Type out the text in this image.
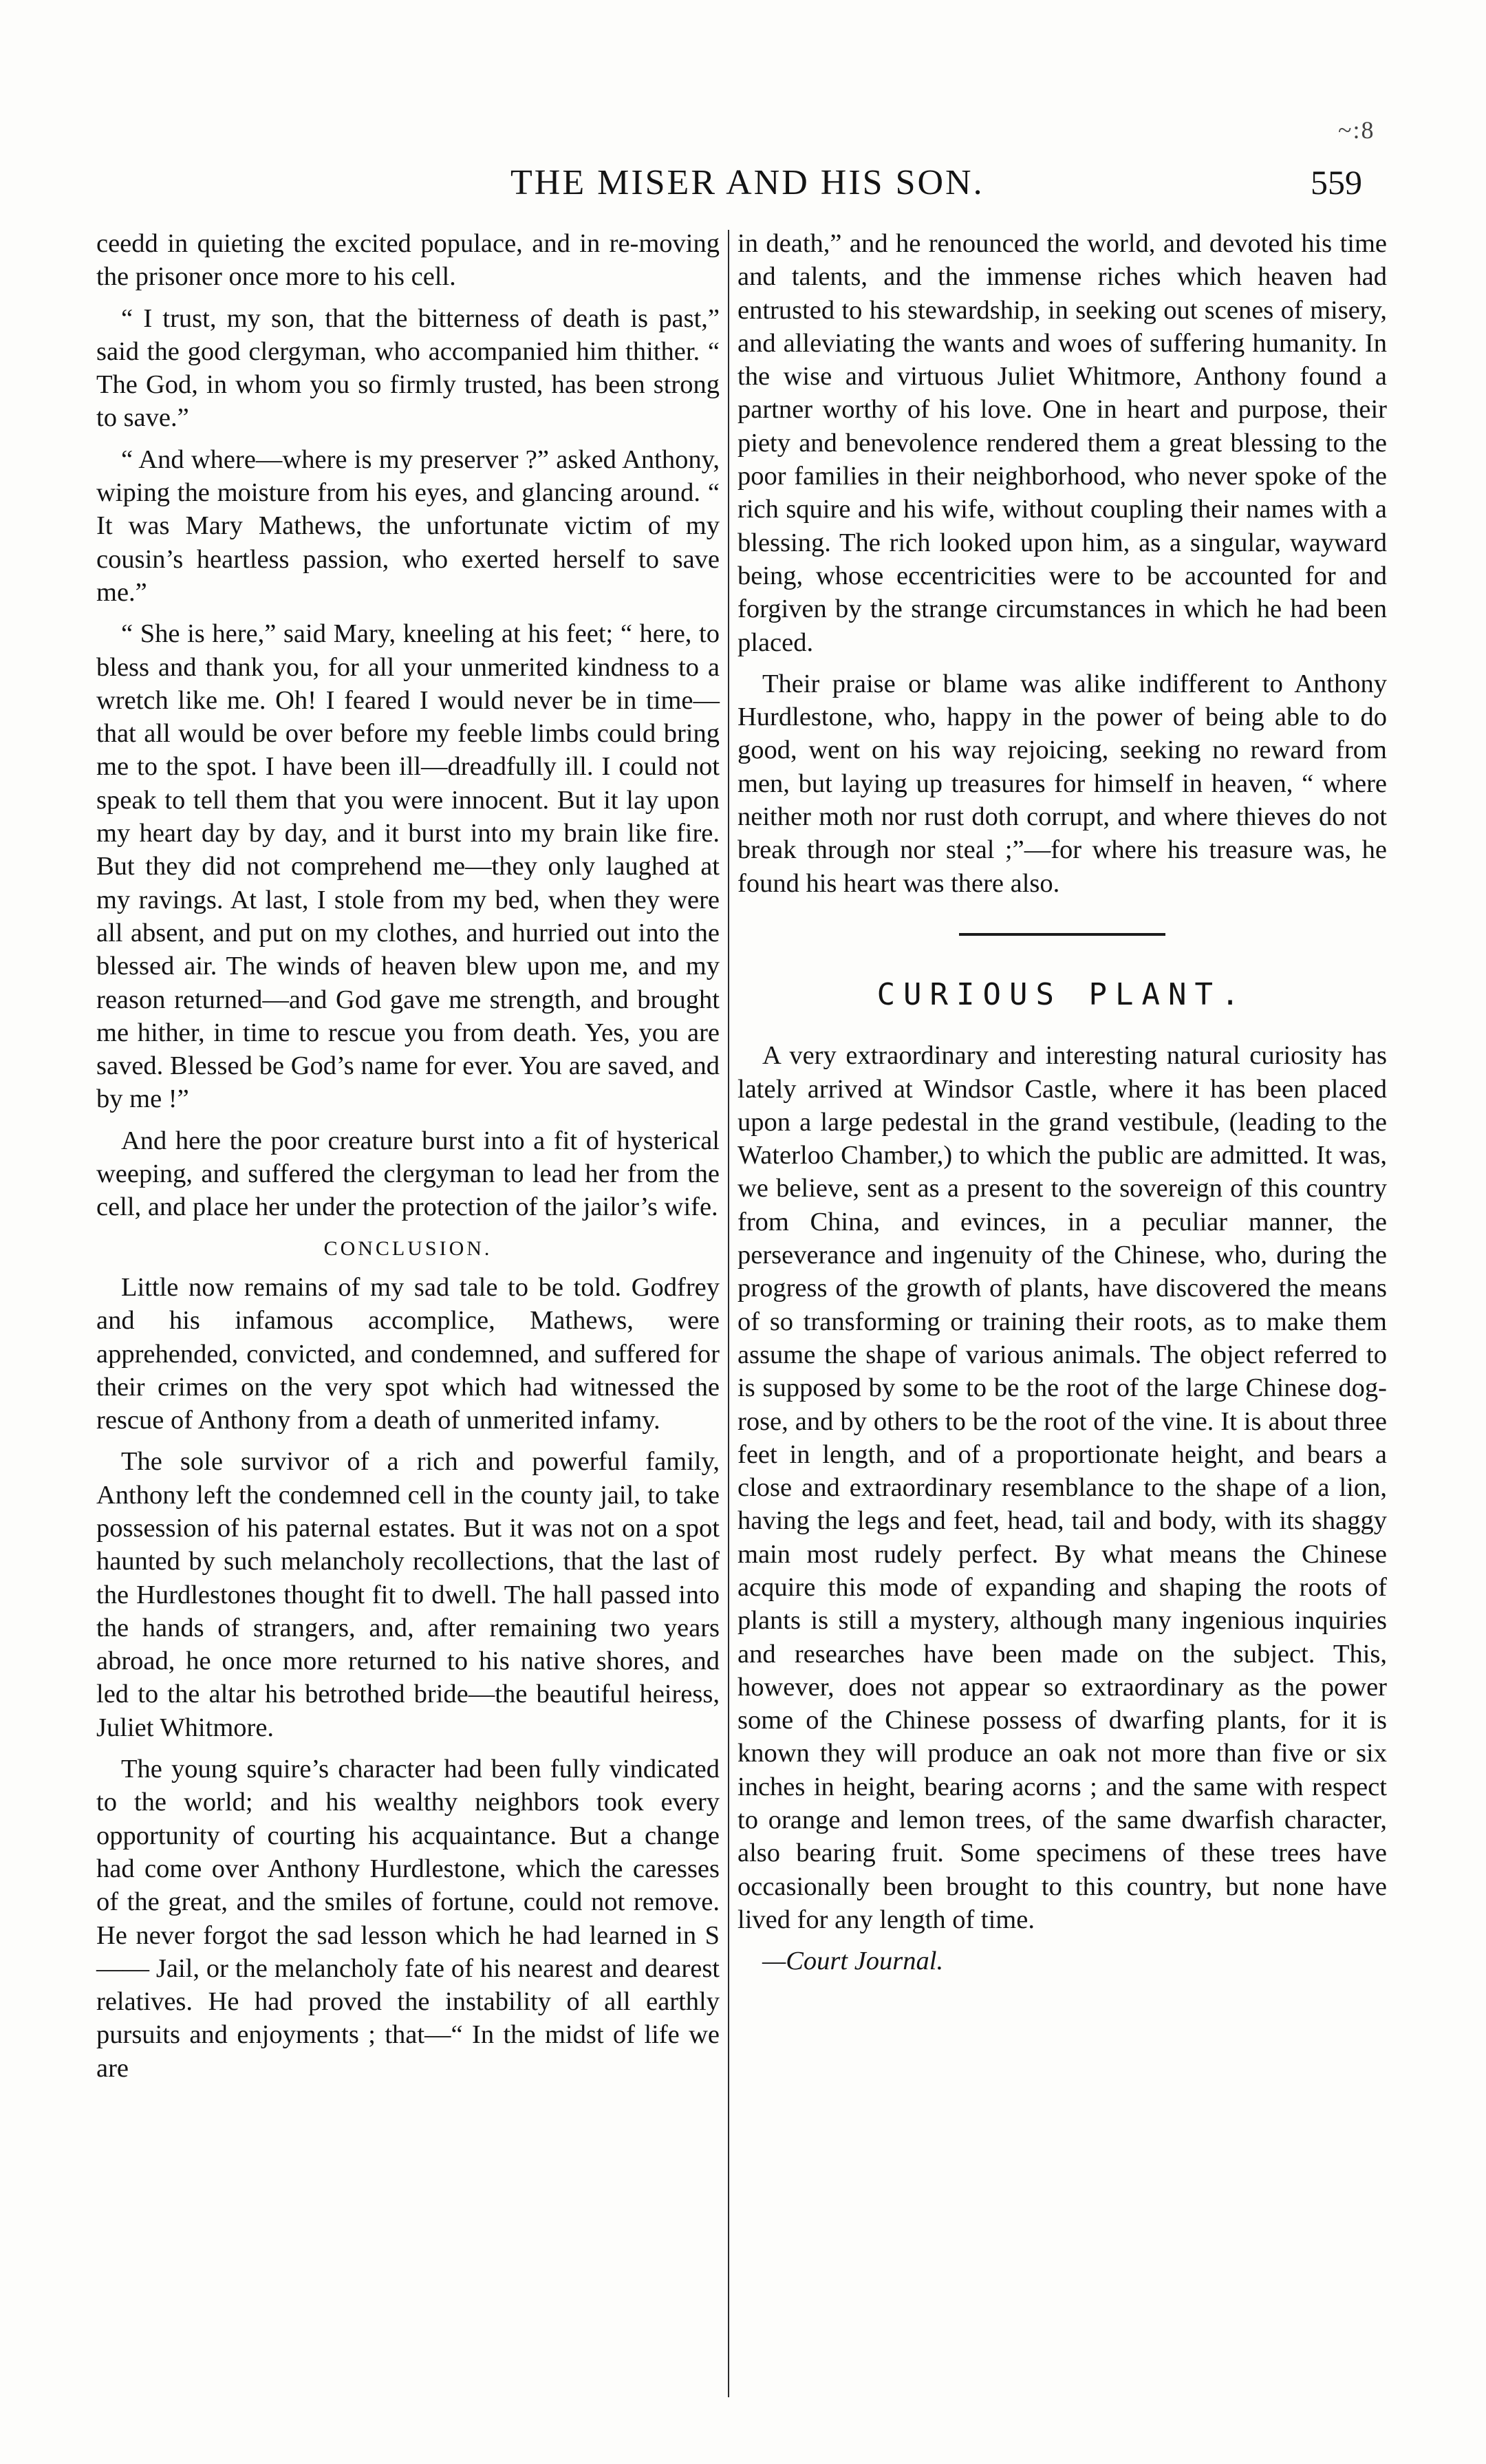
~:8
THE MISER AND HIS SON.	559

ceedd in quieting the excited populace, and in re-moving the prisoner once more to his cell.

“ I trust, my son, that the bitterness of death is past,” said the good clergyman, who accompanied him thither. “ The God, in whom you so firmly trusted, has been strong to save.”

“ And where—where is my preserver ?” asked Anthony, wiping the moisture from his eyes, and glancing around. “ It was Mary Mathews, the unfortunate victim of my cousin’s heartless passion, who exerted herself to save me.”

“ She is here,” said Mary, kneeling at his feet; “ here, to bless and thank you, for all your unmerited kindness to a wretch like me. Oh! I feared I would never be in time—that all would be over before my feeble limbs could bring me to the spot. I have been ill—dreadfully ill. I could not speak to tell them that you were innocent. But it lay upon my heart day by day, and it burst into my brain like fire. But they did not comprehend me—they only laughed at my ravings. At last, I stole from my bed, when they were all absent, and put on my clothes, and hurried out into the blessed air. The winds of heaven blew upon me, and my reason returned—and God gave me strength, and brought me hither, in time to rescue you from death. Yes, you are saved. Blessed be God’s name for ever. You are saved, and by me !”

And here the poor creature burst into a fit of hysterical weeping, and suffered the clergyman to lead her from the cell, and place her under the protection of the jailor’s wife.

CONCLUSION.

Little now remains of my sad tale to be told. Godfrey and his infamous accomplice, Mathews, were apprehended, convicted, and condemned, and suffered for their crimes on the very spot which had witnessed the rescue of Anthony from a death of unmerited infamy.

The sole survivor of a rich and powerful family, Anthony left the condemned cell in the county jail, to take possession of his paternal estates. But it was not on a spot haunted by such melancholy recollections, that the last of the Hurdlestones thought fit to dwell. The hall passed into the hands of strangers, and, after remaining two years abroad, he once more returned to his native shores, and led to the altar his betrothed bride—the beautiful heiress, Juliet Whitmore.

The young squire’s character had been fully vindicated to the world; and his wealthy neighbors took every opportunity of courting his acquaintance. But a change had come over Anthony Hurdlestone, which the caresses of the great, and the smiles of fortune, could not remove. He never forgot the sad lesson which he had learned in S—— Jail, or the melancholy fate of his nearest and dearest relatives. He had proved the instability of all earthly pursuits and enjoyments ; that—“ In the midst of life we are

in death,” and he renounced the world, and devoted his time and talents, and the immense riches which heaven had entrusted to his stewardship, in seeking out scenes of misery, and alleviating the wants and woes of suffering humanity. In the wise and virtuous Juliet Whitmore, Anthony found a partner worthy of his love. One in heart and purpose, their piety and benevolence rendered them a great blessing to the poor families in their neighborhood, who never spoke of the rich squire and his wife, without coupling their names with a blessing. The rich looked upon him, as a singular, wayward being, whose eccentricities were to be accounted for and forgiven by the strange circumstances in which he had been placed.

Their praise or blame was alike indifferent to Anthony Hurdlestone, who, happy in the power of being able to do good, went on his way rejoicing, seeking no reward from men, but laying up treasures for himself in heaven, “ where neither moth nor rust doth corrupt, and where thieves do not break through nor steal ;”—for where his treasure was, he found his heart was there also.

CURIOUS PLANT.

A very extraordinary and interesting natural curiosity has lately arrived at Windsor Castle, where it has been placed upon a large pedestal in the grand vestibule, (leading to the Waterloo Chamber,) to which the public are admitted. It was, we believe, sent as a present to the sovereign of this country from China, and evinces, in a peculiar manner, the perseverance and ingenuity of the Chinese, who, during the progress of the growth of plants, have discovered the means of so transforming or training their roots, as to make them assume the shape of various animals. The object referred to is supposed by some to be the root of the large Chinese dog-rose, and by others to be the root of the vine. It is about three feet in length, and of a proportionate height, and bears a close and extraordinary resemblance to the shape of a lion, having the legs and feet, head, tail and body, with its shaggy main most rudely perfect. By what means the Chinese acquire this mode of expanding and shaping the roots of plants is still a mystery, although many ingenious inquiries and researches have been made on the subject. This, however, does not appear so extraordinary as the power some of the Chinese possess of dwarfing plants, for it is known they will produce an oak not more than five or six inches in height, bearing acorns ; and the same with respect to orange and lemon trees, of the same dwarfish character, also bearing fruit. Some specimens of these trees have occasionally been brought to this country, but none have lived for any length of time.

—Court Journal.
